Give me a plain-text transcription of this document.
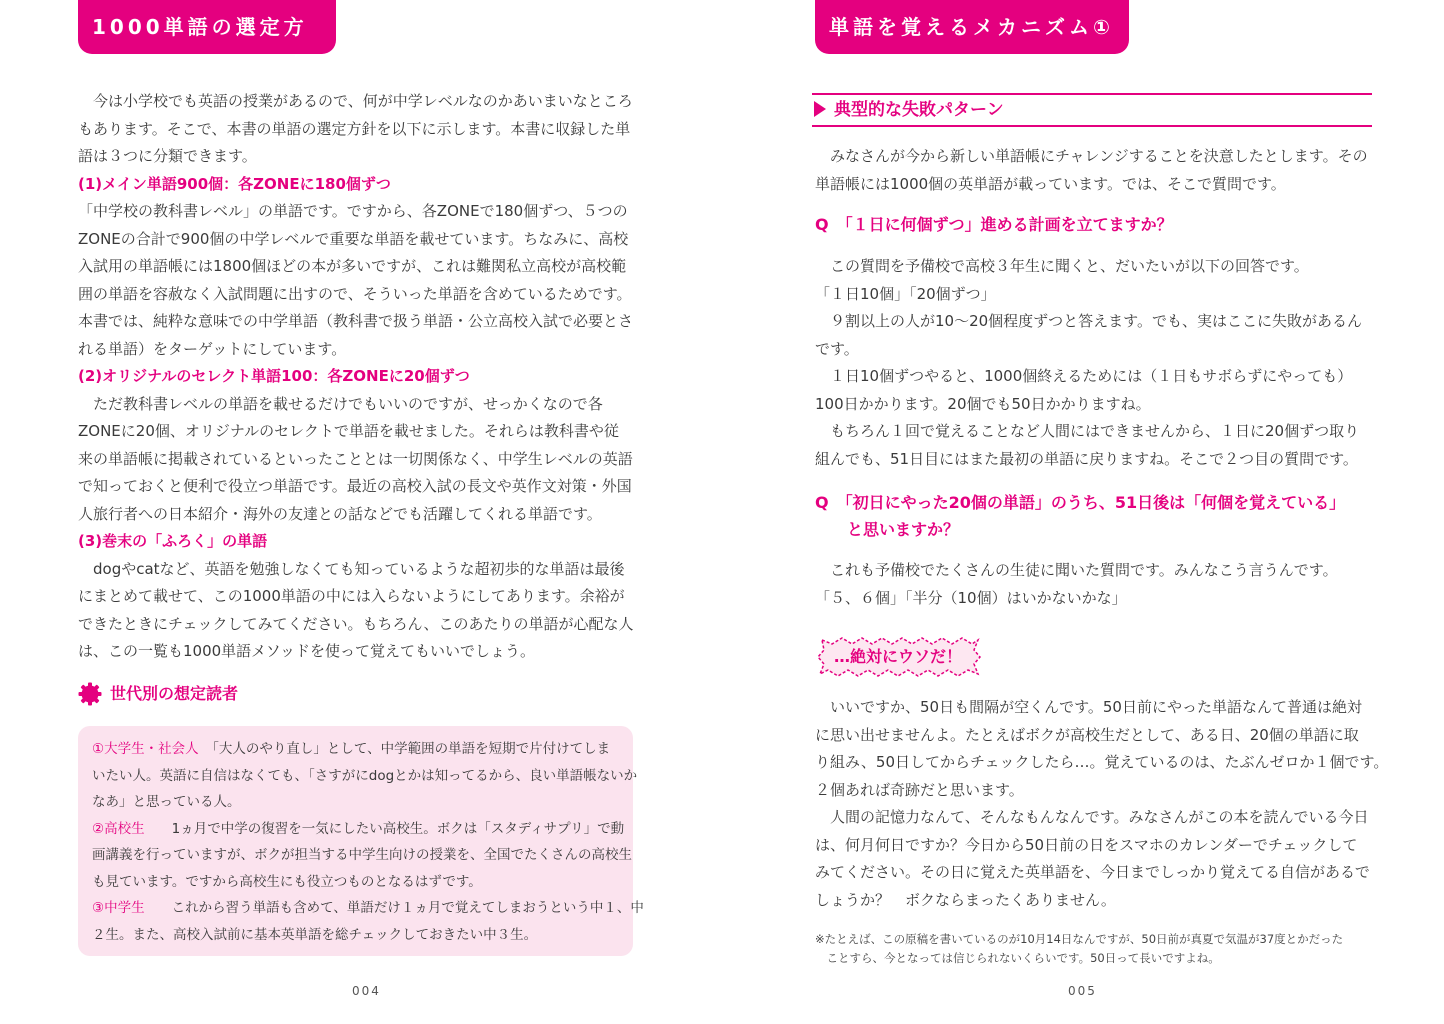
1000単語の選定方針

　今は小学校でも英語の授業があるので、何が中学レベルなのかあいまいなところ
もあります。そこで、本書の単語の選定方針を以下に示します。本書に収録した単
語は３つに分類できます。

(1)メイン単語900個：各ZONEに180個ずつ

「中学校の教科書レベル」の単語です。ですから、各ZONEで180個ずつ、５つの
ZONEの合計で900個の中学レベルで重要な単語を載せています。ちなみに、高校
入試用の単語帳には1800個ほどの本が多いですが、これは難関私立高校が高校範
囲の単語を容赦なく入試問題に出すので、そういった単語を含めているためです。
本書では、純粋な意味での中学単語（教科書で扱う単語・公立高校入試で必要とさ
れる単語）をターゲットにしています。

(2)オリジナルのセレクト単語100：各ZONEに20個ずつ

　ただ教科書レベルの単語を載せるだけでもいいのですが、せっかくなので各
ZONEに20個、オリジナルのセレクトで単語を載せました。それらは教科書や従
来の単語帳に掲載されているといったこととは一切関係なく、中学生レベルの英語
で知っておくと便利で役立つ単語です。最近の高校入試の長文や英作文対策・外国
人旅行者への日本紹介・海外の友達との話などでも活躍してくれる単語です。

(3)巻末の「ふろく」の単語

　dogやcatなど、英語を勉強しなくても知っているような超初歩的な単語は最後
にまとめて載せて、この1000単語の中には入らないようにしてあります。余裕が
できたときにチェックしてみてください。もちろん、このあたりの単語が心配な人
は、この一覧も1000単語メソッドを使って覚えてもいいでしょう。

世代別の想定読者

①大学生・社会人　 「大人のやり直し」として、中学範囲の単語を短期で片付けてしま
いたい人。英語に自信はなくても、「さすがにdogとかは知ってるから、良い単語帳ないか
なあ」と思っている人。
②高校生　　 1ヵ月で中学の復習を一気にしたい高校生。ボクは「スタディサプリ」で動
画講義を行っていますが、ボクが担当する中学生向けの授業を、全国でたくさんの高校生
も見ています。ですから高校生にも役立つものとなるはずです。
③中学生　　 これから習う単語も含めて、単語だけ１ヵ月で覚えてしまおうという中１、中
２生。また、高校入試前に基本英単語を総チェックしておきたい中３生。

004
単語を覚えるメカニズム①
典型的な失敗パターン

　みなさんが今から新しい単語帳にチャレンジすることを決意したとします。その
単語帳には1000個の英単語が載っています。では、そこで質問です。

Q　「１日に何個ずつ」進める計画を立てますか？

　この質問を予備校で高校３年生に聞くと、だいたいが以下の回答です。
「１日10個」「20個ずつ」
　９割以上の人が10～20個程度ずつと答えます。でも、実はここに失敗があるん
です。
　１日10個ずつやると、1000個終えるためには（１日もサボらずにやっても）
100日かかります。20個でも50日かかりますね。
　もちろん１回で覚えることなど人間にはできませんから、１日に20個ずつ取り
組んでも、51日目にはまた最初の単語に戻りますね。そこで２つ目の質問です。

Q　「初日にやった20個の単語」のうち、51日後は「何個を覚えている」
　　と思いますか？

　これも予備校でたくさんの生徒に聞いた質問です。みんなこう言うんです。
「５、６個」「半分（10個）はいかないかな」

…絶対にウソだ！

　いいですか、50日も間隔が空くんです。50日前にやった単語なんて普通は絶対
に思い出せませんよ。たとえばボクが高校生だとして、ある日、20個の単語に取
り組み、50日してからチェックしたら…。覚えているのは、たぶんゼロか１個です。
２個あれば奇跡だと思います。
　人間の記憶力なんて、そんなもんなんです。みなさんがこの本を読んでいる今日
は、何月何日ですか？今日から50日前の日をスマホのカレンダーでチェックして
みてください。その日に覚えた英単語を、今日までしっかり覚えてる自信があるで
しょうか？　ボクならまったくありません。

※たとえば、この原稿を書いているのが10月14日なんですが、50日前が真夏で気温が37度とかだった
　ことすら、今となっては信じられないくらいです。50日って長いですよね。
005
